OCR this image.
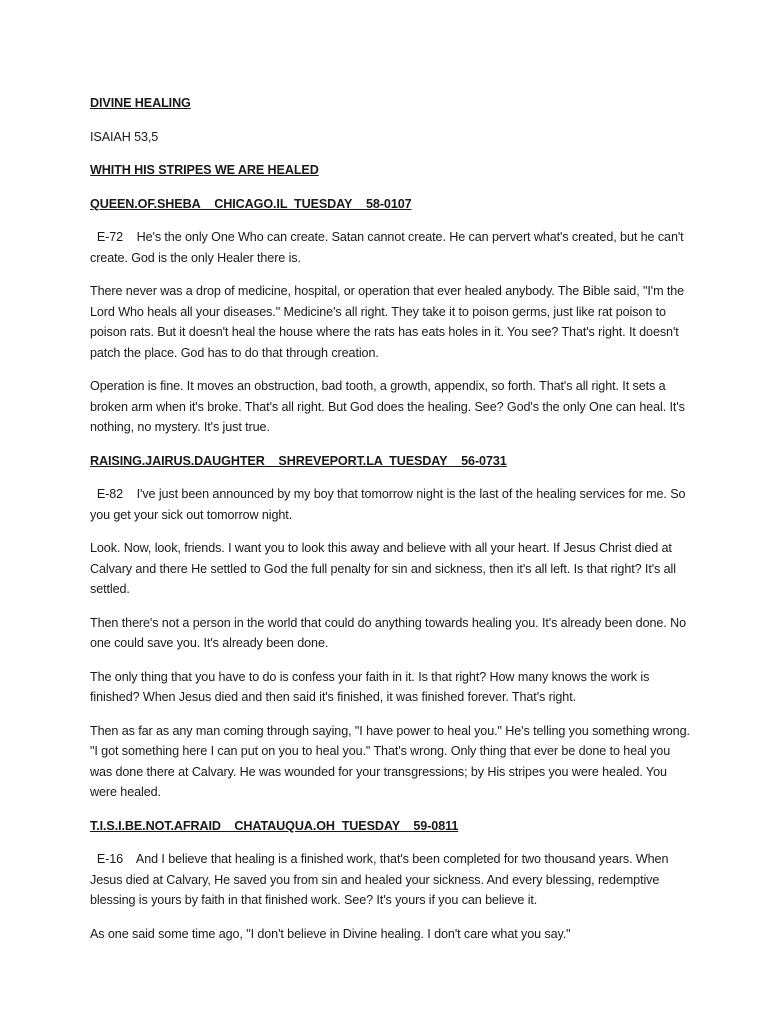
DIVINE HEALING
ISAIAH 53,5
WHITH HIS STRIPES WE ARE HEALED
QUEEN.OF.SHEBA_  CHICAGO.IL  TUESDAY_  58-0107

E-72    He's the only One Who can create. Satan cannot create. He can pervert what's created, but he can't create. God is the only Healer there is.

There never was a drop of medicine, hospital, or operation that ever healed anybody. The Bible said, "I'm the Lord Who heals all your diseases." Medicine's all right. They take it to poison germs, just like rat poison to poison rats. But it doesn't heal the house where the rats has eats holes in it. You see? That's right. It doesn't patch the place. God has to do that through creation.

Operation is fine. It moves an obstruction, bad tooth, a growth, appendix, so forth. That's all right. It sets a broken arm when it's broke. That's all right. But God does the healing. See? God's the only One can heal. It's nothing, no mystery. It's just true.

RAISING.JAIRUS.DAUGHTER_  SHREVEPORT.LA  TUESDAY_  56-0731

E-82    I've just been announced by my boy that tomorrow night is the last of the healing services for me. So you get your sick out tomorrow night.

Look. Now, look, friends. I want you to look this away and believe with all your heart. If Jesus Christ died at Calvary and there He settled to God the full penalty for sin and sickness, then it's all left. Is that right? It's all settled.

Then there's not a person in the world that could do anything towards healing you. It's already been done. No one could save you. It's already been done.

The only thing that you have to do is confess your faith in it. Is that right? How many knows the work is finished? When Jesus died and then said it's finished, it was finished forever. That's right.

Then as far as any man coming through saying, "I have power to heal you." He's telling you something wrong. "I got something here I can put on you to heal you." That's wrong. Only thing that ever be done to heal you was done there at Calvary. He was wounded for your transgressions; by His stripes you were healed. You were healed.

T.I.S.I.BE.NOT.AFRAID    CHATAUQUA.OH  TUESDAY    59-0811

E-16    And I believe that healing is a finished work, that's been completed for two thousand years. When Jesus died at Calvary, He saved you from sin and healed your sickness. And every blessing, redemptive blessing is yours by faith in that finished work. See? It's yours if you can believe it.

As one said some time ago, "I don't believe in Divine healing. I don't care what you say."
